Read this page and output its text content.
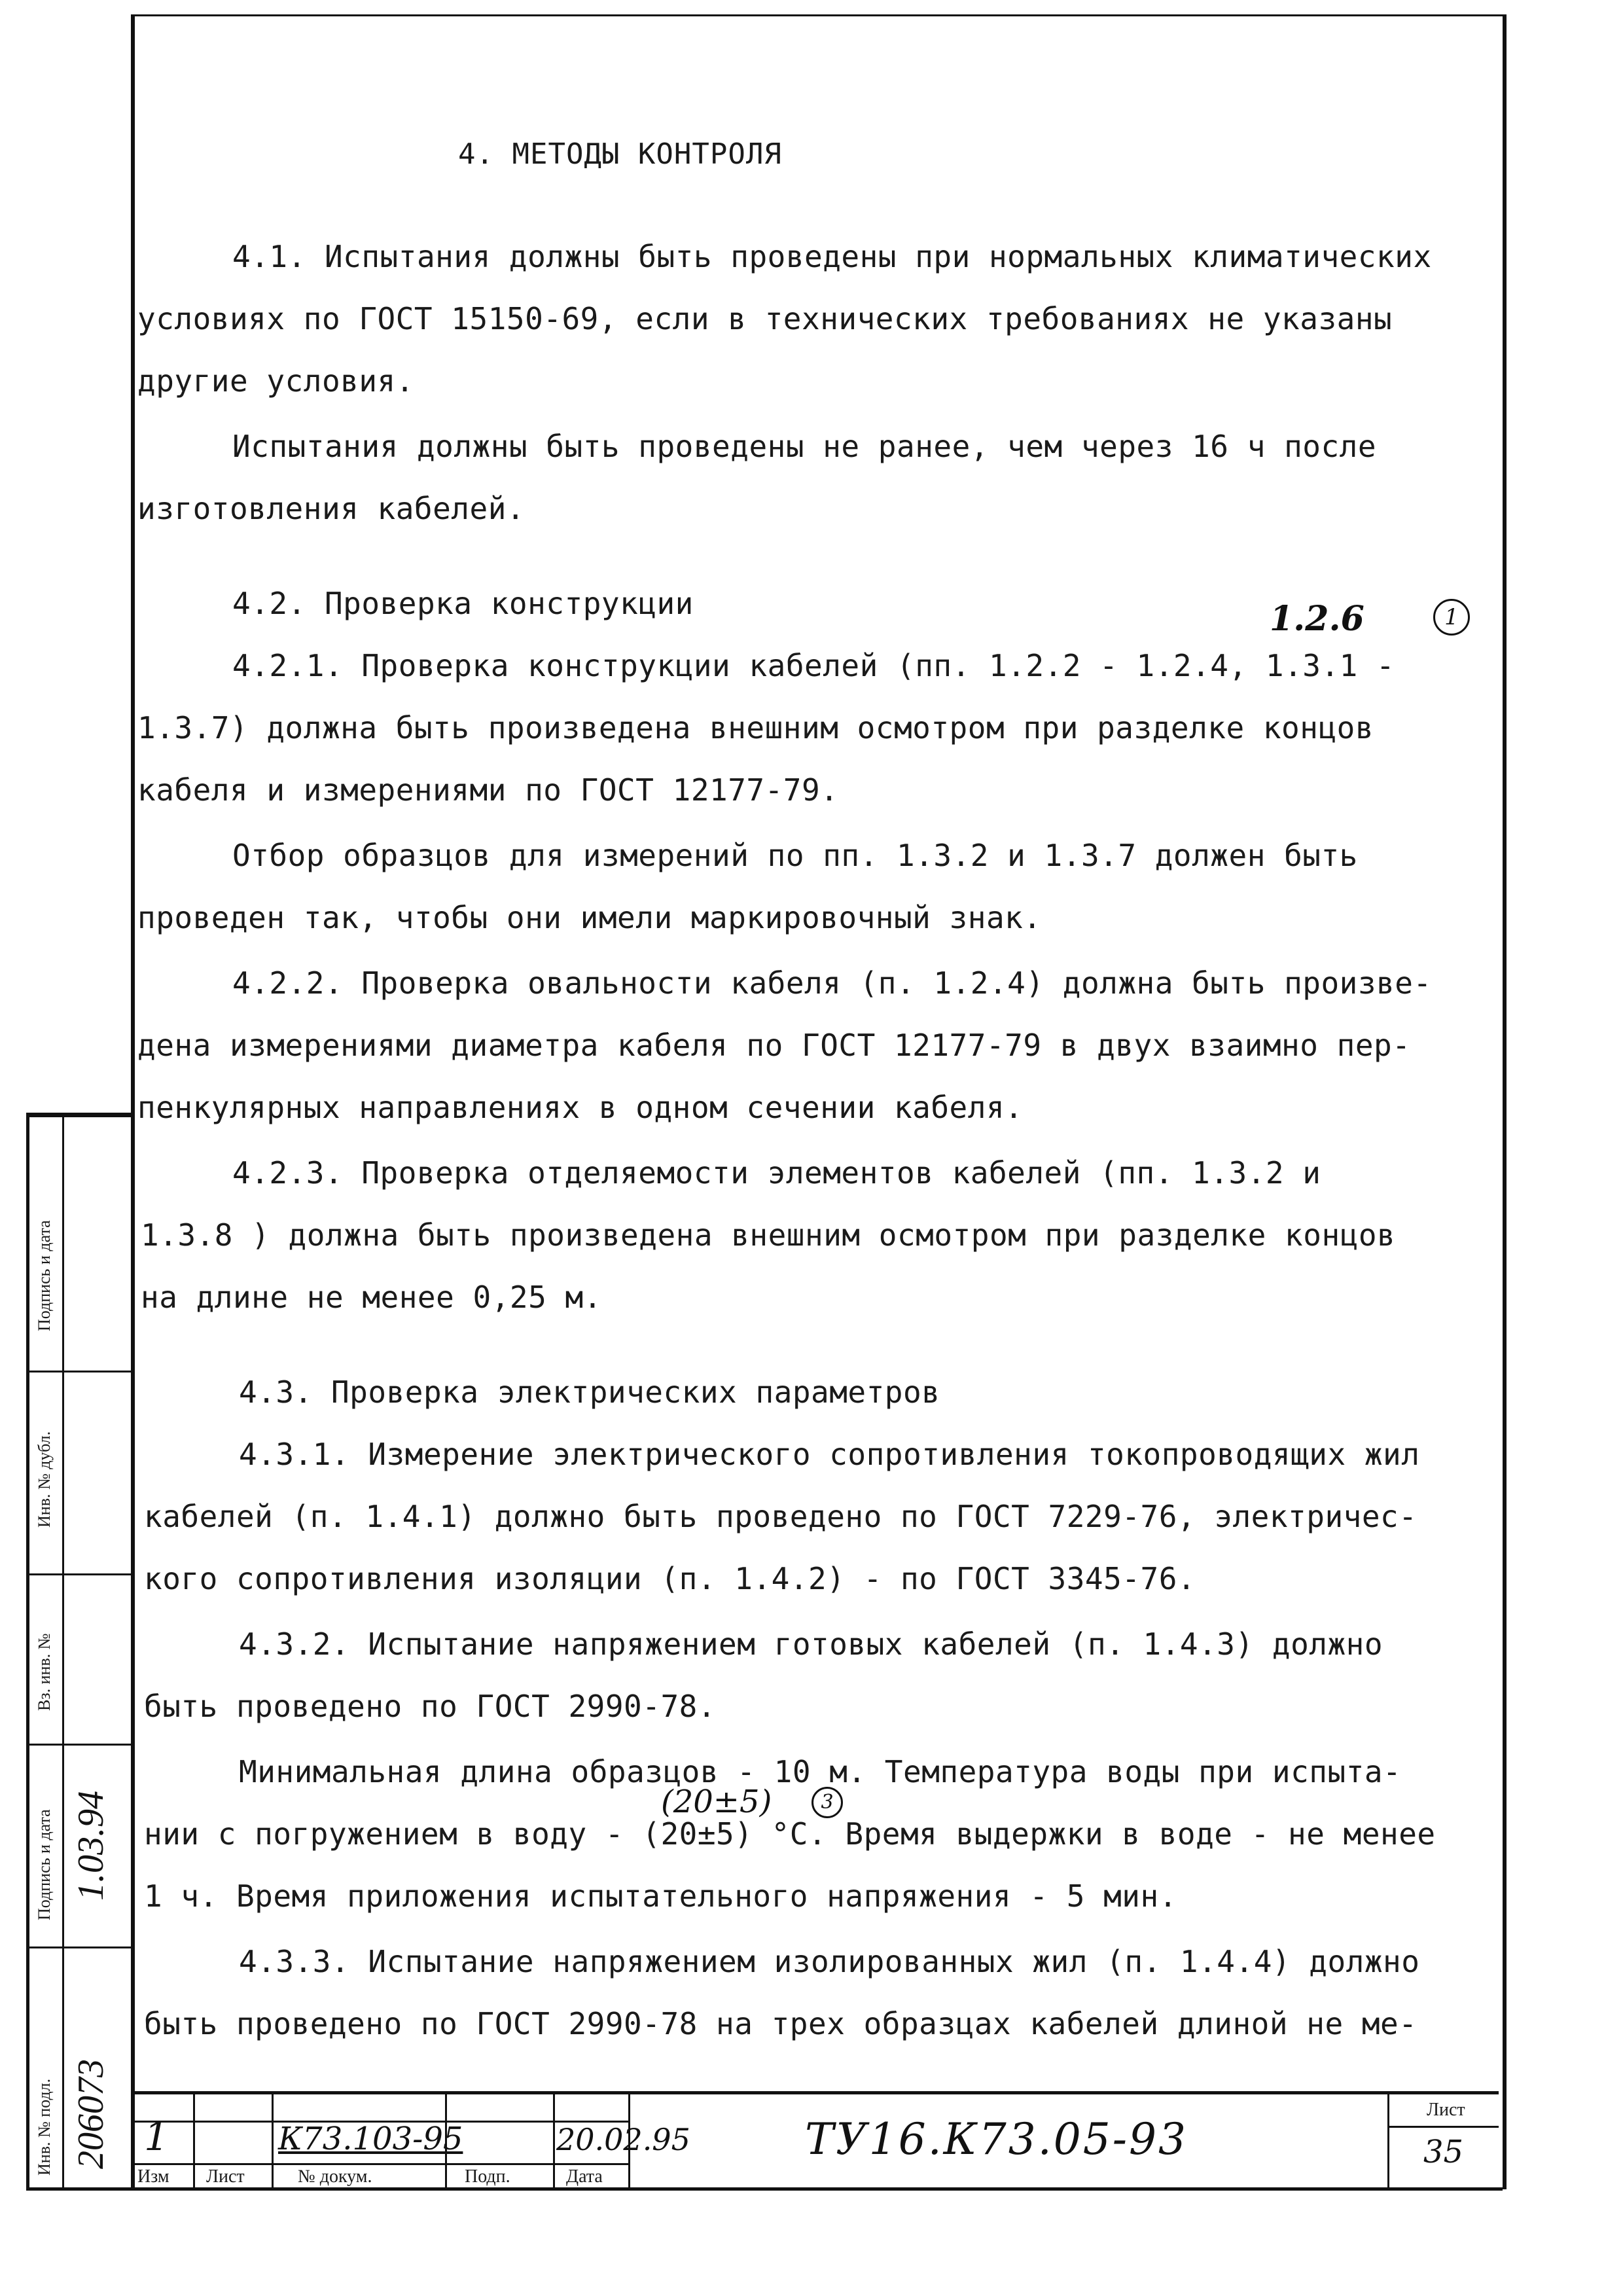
4. МЕТОДЫ КОНТРОЛЯ
4.1. Испытания должны быть проведены при нормальных климатических
условиях по ГОСТ 15150-69, если в технических требованиях не указаны
другие условия.
Испытания должны быть проведены не ранее, чем через 16 ч после
изготовления кабелей.
4.2. Проверка конструкции
4.2.1. Проверка конструкции кабелей (пп. 1.2.2 - 1.2.4, 1.3.1 -
1.3.7) должна быть произведена внешним осмотром при разделке концов
кабеля и измерениями по ГОСТ 12177-79.
Отбор образцов для измерений по пп. 1.3.2 и 1.3.7 должен быть
проведен так, чтобы они имели маркировочный знак.
4.2.2. Проверка овальности кабеля (п. 1.2.4) должна быть произве-
дена измерениями диаметра кабеля по ГОСТ 12177-79 в двух взаимно пер-
пенкулярных направлениях в одном сечении кабеля.
4.2.3. Проверка отделяемости элементов кабелей (пп. 1.3.2 и
1.3.8 ) должна быть произведена внешним осмотром при разделке концов
на длине не менее 0,25 м.
4.3. Проверка электрических параметров
4.3.1. Измерение электрического сопротивления токопроводящих жил
кабелей (п. 1.4.1) должно быть проведено по ГОСТ 7229-76, электричес-
кого сопротивления изоляции (п. 1.4.2) - по ГОСТ 3345-76.
4.3.2. Испытание напряжением готовых кабелей (п. 1.4.3) должно
быть проведено по ГОСТ 2990-78.
Минимальная длина образцов - 10 м. Температура воды при испыта-
нии с погружением в воду - (20±5) °С. Время выдержки в воде - не менее
1 ч. Время приложения испытательного напряжения - 5 мин.
4.3.3. Испытание напряжением изолированных жил (п. 1.4.4) должно
быть проведено по ГОСТ 2990-78 на трех образцах кабелей длиной не ме-
1.2.6	1
(20±5)	3
Подпись и дата
Инв. № дубл.
Вз. инв. №
Подпись и дата
Инв. № подл.
1.03.94
206073 1	К73.103-95	20.02.95
Изм Лист	№ докум.	Подп.	Дата
ТУ16.К73.05-93
Лист
35
